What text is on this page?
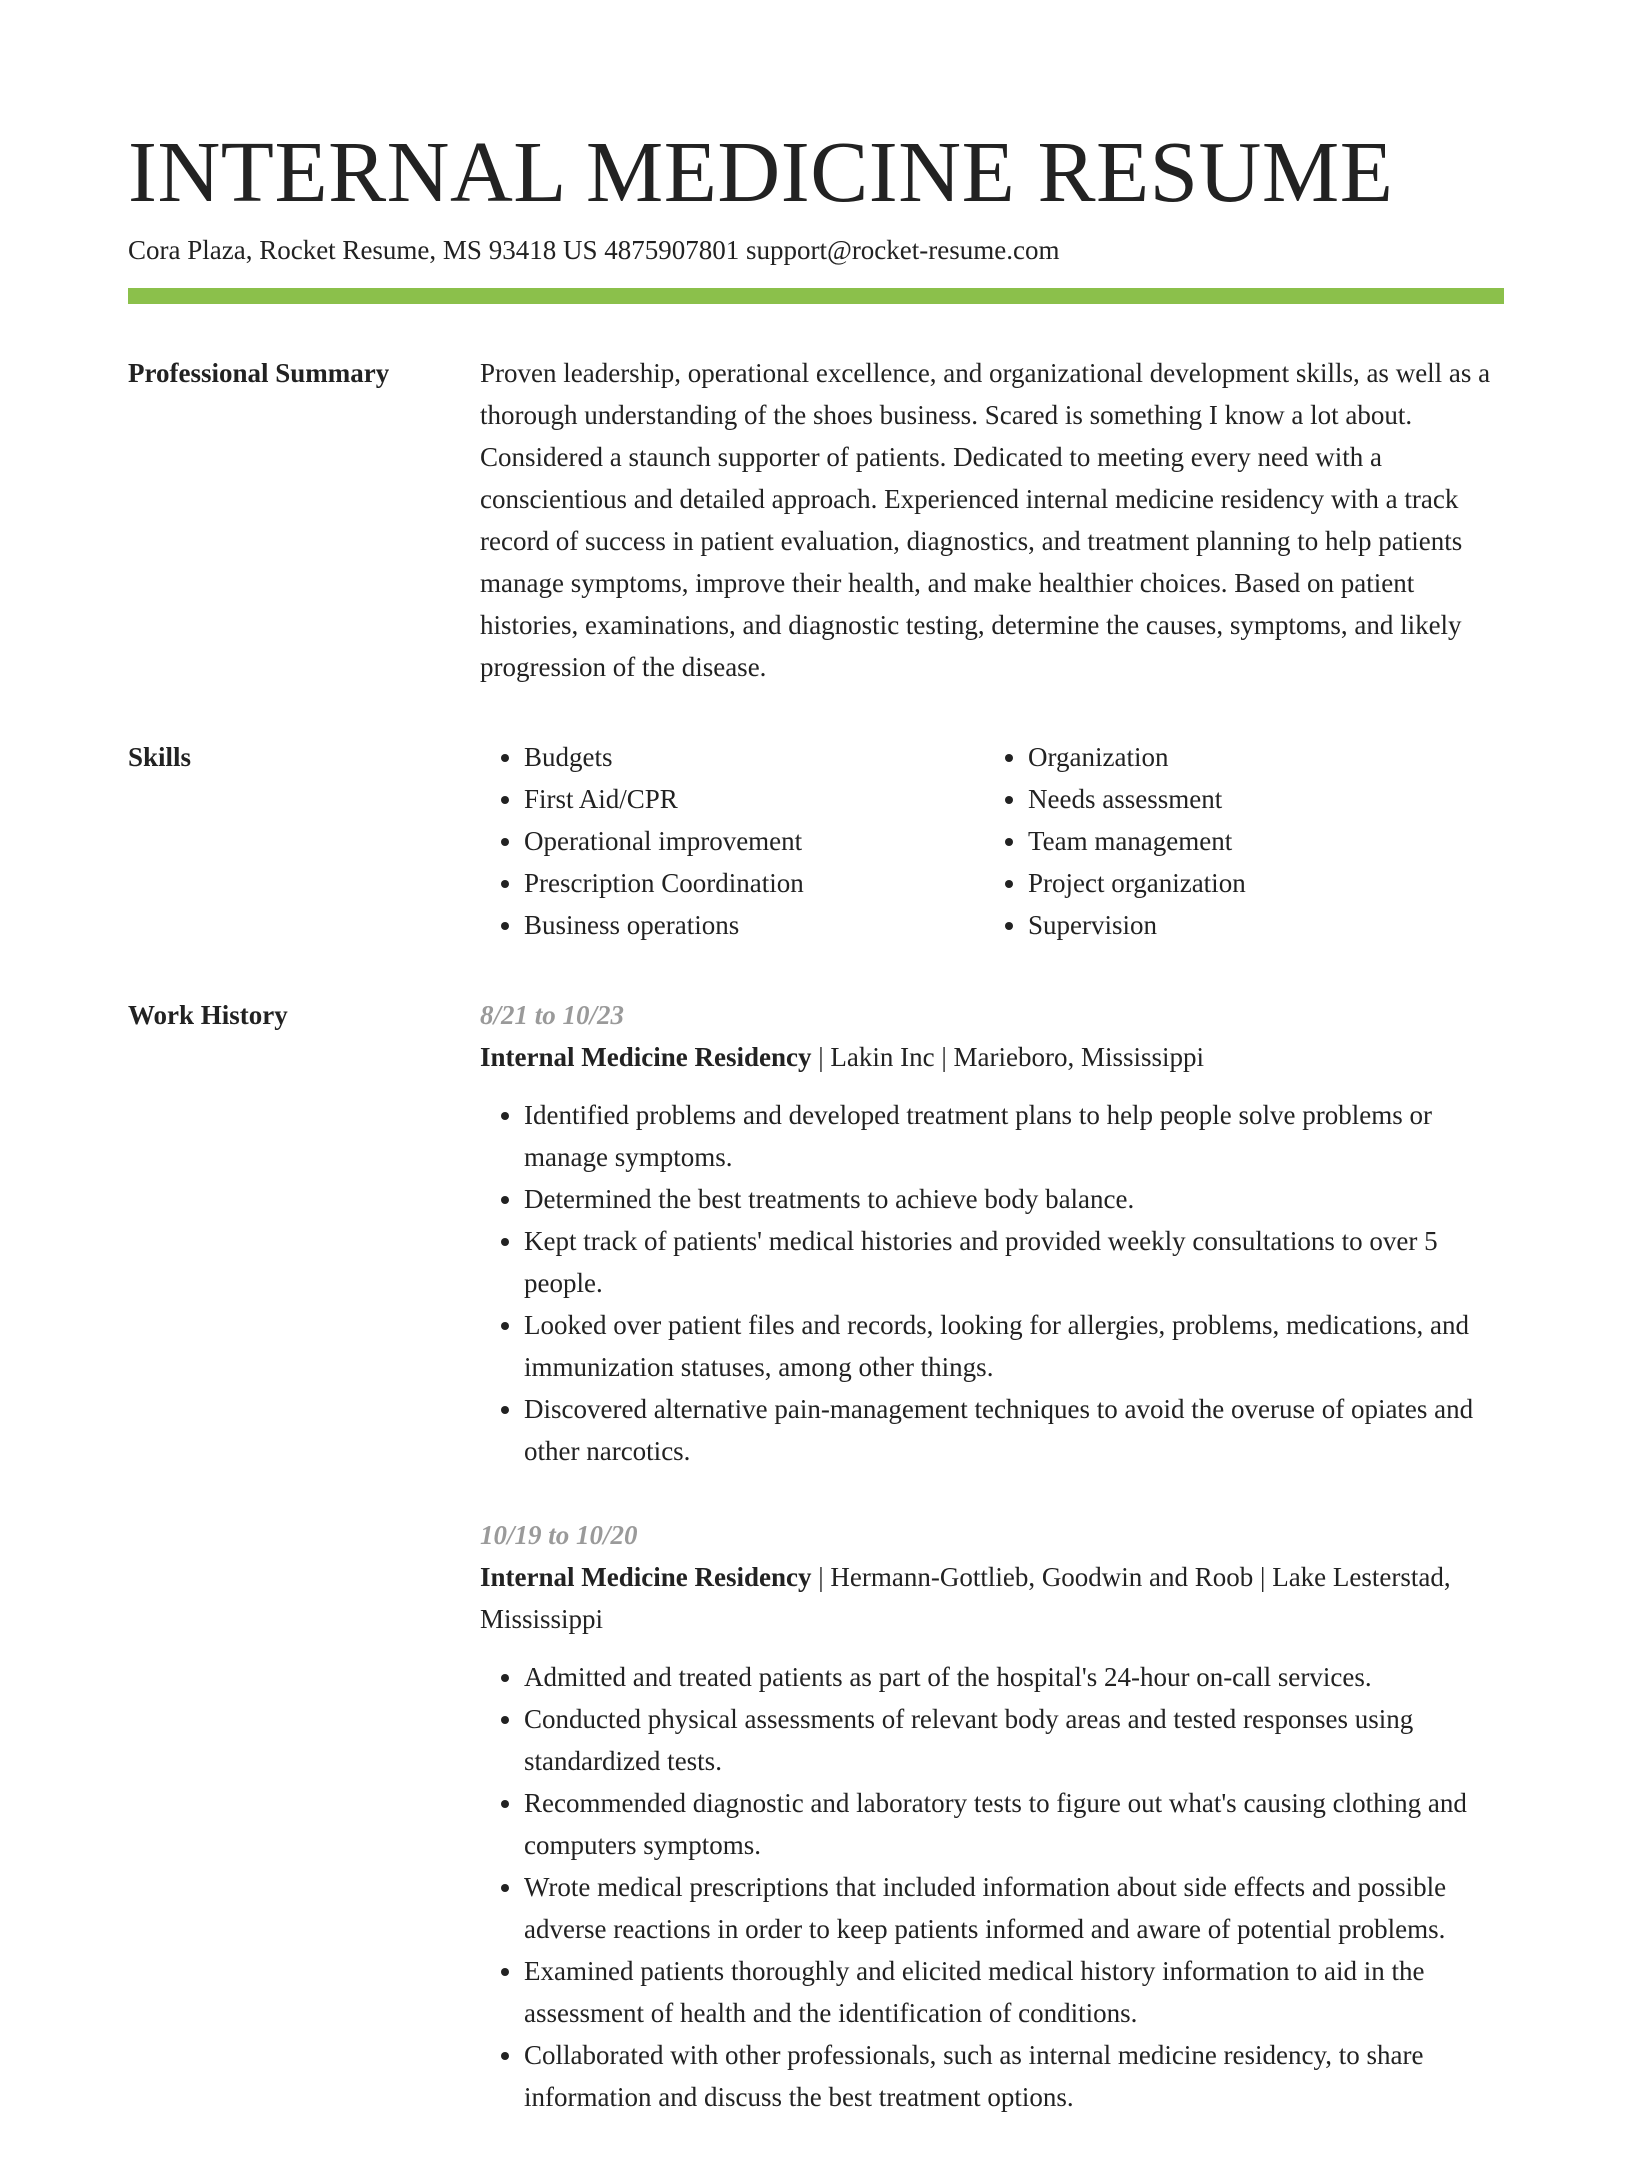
INTERNAL MEDICINE RESUME
Cora Plaza, Rocket Resume, MS 93418 US 4875907801 support@rocket-resume.com
Professional Summary	Proven leadership, operational excellence, and organizational development skills, as well as a thorough understanding of the shoes business. Scared is something I know a lot about. Considered a staunch supporter of patients. Dedicated to meeting every need with a conscientious and detailed approach. Experienced internal medicine residency with a track record of success in patient evaluation, diagnostics, and treatment planning to help patients manage symptoms, improve their health, and make healthier choices. Based on patient histories, examinations, and diagnostic testing, determine the causes, symptoms, and likely progression of the disease.

Skills
•	Budgets
• First Aid/CPR
• Operational improvement
• Prescription Coordination
• Business operations
• Organization
• Needs assessment
• Team management
• Project organization
• Supervision
Work History	8/21 to 10/23
Internal Medicine Residency | Lakin Inc | Marieboro, Mississippi
• Identified problems and developed treatment plans to help people solve problems or manage symptoms.
• Determined the best treatments to achieve body balance.
• Kept track of patients' medical histories and provided weekly consultations to over 5 people.
• Looked over patient files and records, looking for allergies, problems, medications, and immunization statuses, among other things.
• Discovered alternative pain-management techniques to avoid the overuse of opiates and other narcotics.
10/19 to 10/20
Internal Medicine Residency | Hermann-Gottlieb, Goodwin and Roob | Lake Lesterstad, Mississippi
• Admitted and treated patients as part of the hospital's 24-hour on-call services.
• Conducted physical assessments of relevant body areas and tested responses using standardized tests.
• Recommended diagnostic and laboratory tests to figure out what's causing clothing and computers symptoms.
• Wrote medical prescriptions that included information about side effects and possible adverse reactions in order to keep patients informed and aware of potential problems.
• Examined patients thoroughly and elicited medical history information to aid in the assessment of health and the identification of conditions.
• Collaborated with other professionals, such as internal medicine residency, to share information and discuss the best treatment options.
